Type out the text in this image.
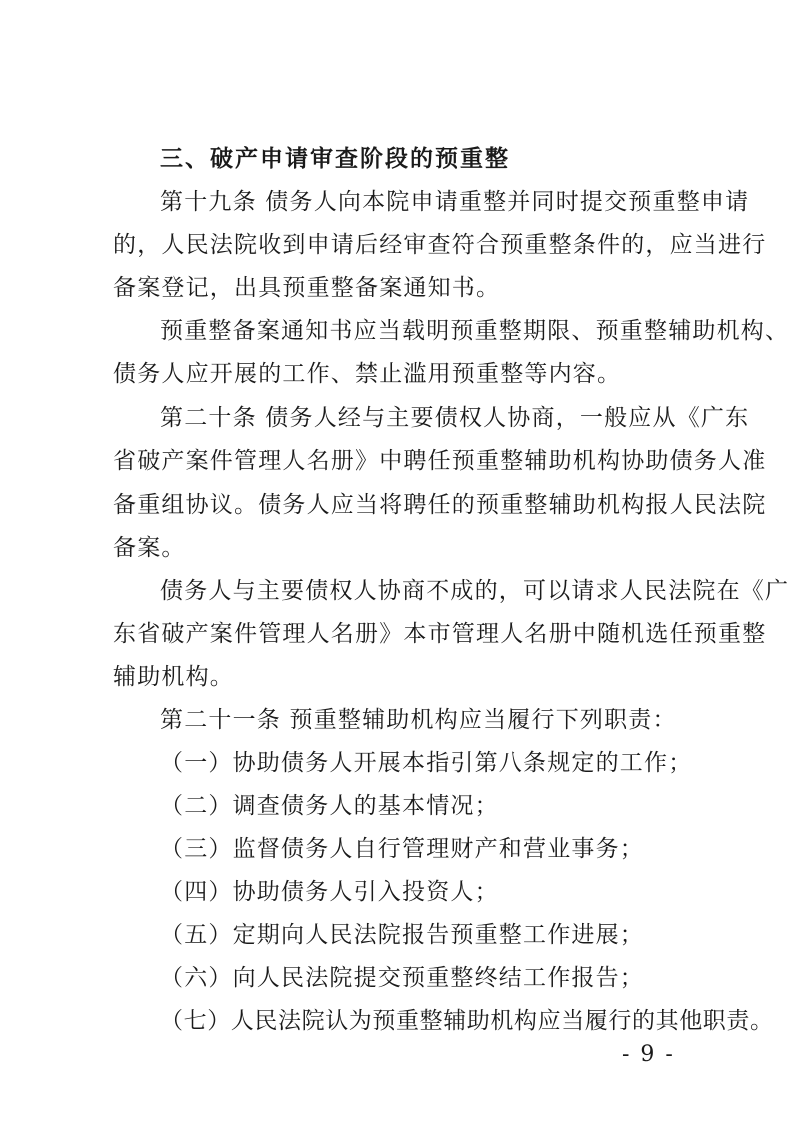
三、破产申请审查阶段的预重整
第十九条 债务人向本院申请重整并同时提交预重整申请
的，人民法院收到申请后经审查符合预重整条件的，应当进行
备案登记，出具预重整备案通知书。
预重整备案通知书应当载明预重整期限、预重整辅助机构、
债务人应开展的工作、禁止滥用预重整等内容。
第二十条 债务人经与主要债权人协商，一般应从《广东
省破产案件管理人名册》中聘任预重整辅助机构协助债务人准
备重组协议。债务人应当将聘任的预重整辅助机构报人民法院
备案。
债务人与主要债权人协商不成的，可以请求人民法院在《广
东省破产案件管理人名册》本市管理人名册中随机选任预重整
辅助机构。
第二十一条 预重整辅助机构应当履行下列职责：
（一）协助债务人开展本指引第八条规定的工作；
（二）调查债务人的基本情况；
（三）监督债务人自行管理财产和营业事务；
（四）协助债务人引入投资人；
（五）定期向人民法院报告预重整工作进展；
（六）向人民法院提交预重整终结工作报告；
（七）人民法院认为预重整辅助机构应当履行的其他职责。
- 9 -
